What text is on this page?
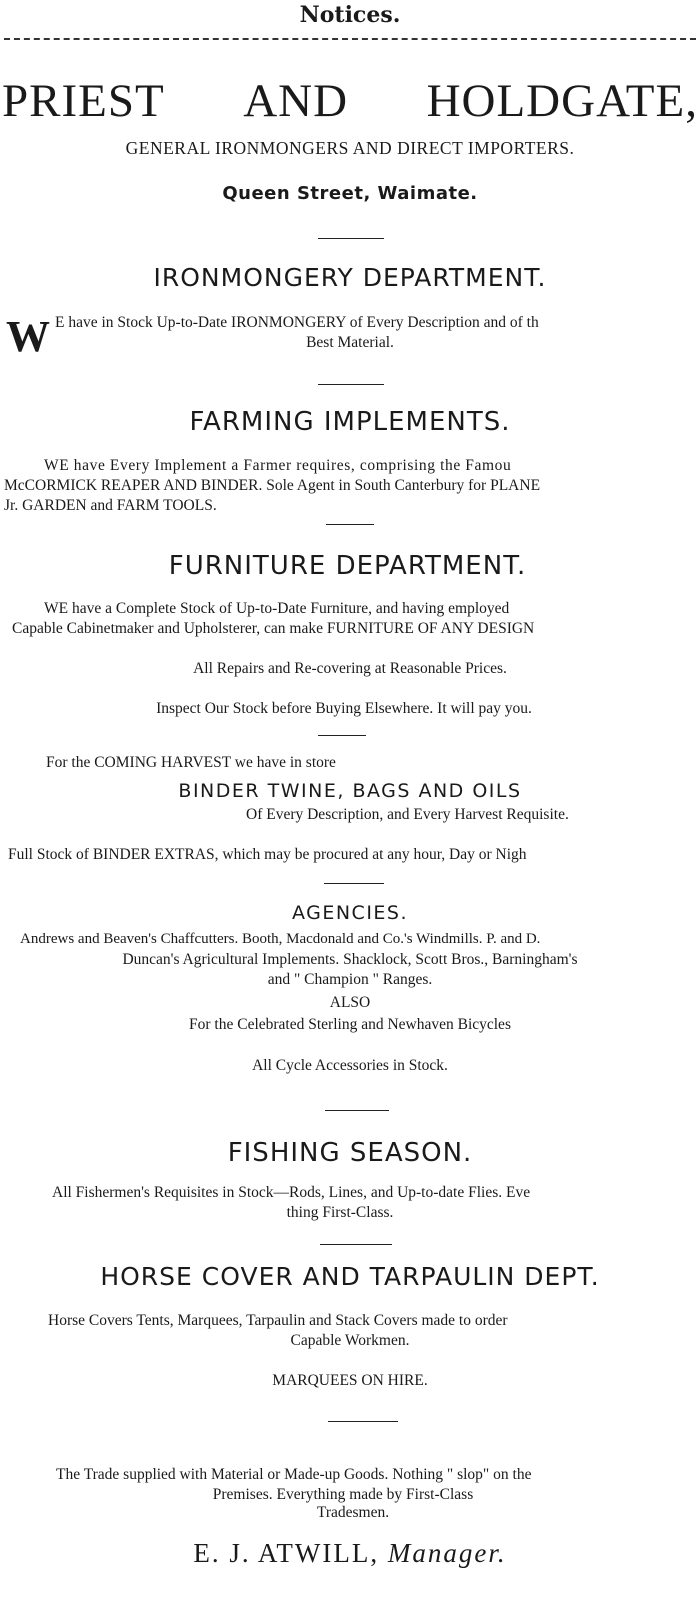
Notices.
PRIEST AND HOLDGATE,
GENERAL IRONMONGERS AND DIRECT IMPORTERS.
Queen Street, Waimate.
IRONMONGERY DEPARTMENT.
W E have in Stock Up-to-Date IRONMONGERY of Every Description and of th
Best Material.
FARMING IMPLEMENTS.
WE have Every Implement a Farmer requires, comprising the Famou
McCORMICK REAPER AND BINDER. Sole Agent in South Canterbury for PLANE
Jr. GARDEN and FARM TOOLS.
FURNITURE DEPARTMENT.
WE have a Complete Stock of Up-to-Date Furniture, and having employed
Capable Cabinetmaker and Upholsterer, can make FURNITURE OF ANY DESIGN
All Repairs and Re-covering at Reasonable Prices.
Inspect Our Stock before Buying Elsewhere. It will pay you.
For the COMING HARVEST we have in store
BINDER TWINE, BAGS AND OILS
Of Every Description, and Every Harvest Requisite.
Full Stock of BINDER EXTRAS, which may be procured at any hour, Day or Nigh
AGENCIES.
Andrews and Beaven's Chaffcutters. Booth, Macdonald and Co.'s Windmills. P. and D.
Duncan's Agricultural Implements. Shacklock, Scott Bros., Barningham's
and " Champion " Ranges.
ALSO
For the Celebrated Sterling and Newhaven Bicycles
All Cycle Accessories in Stock.
FISHING SEASON.
All Fishermen's Requisites in Stock—Rods, Lines, and Up-to-date Flies. Eve
thing First-Class.
HORSE COVER AND TARPAULIN DEPT.
Horse Covers Tents, Marquees, Tarpaulin and Stack Covers made to order
Capable Workmen.
MARQUEES ON HIRE.
The Trade supplied with Material or Made-up Goods. Nothing " slop" on the
Premises. Everything made by First-Class
Tradesmen.
E. J. ATWILL, Manager.
